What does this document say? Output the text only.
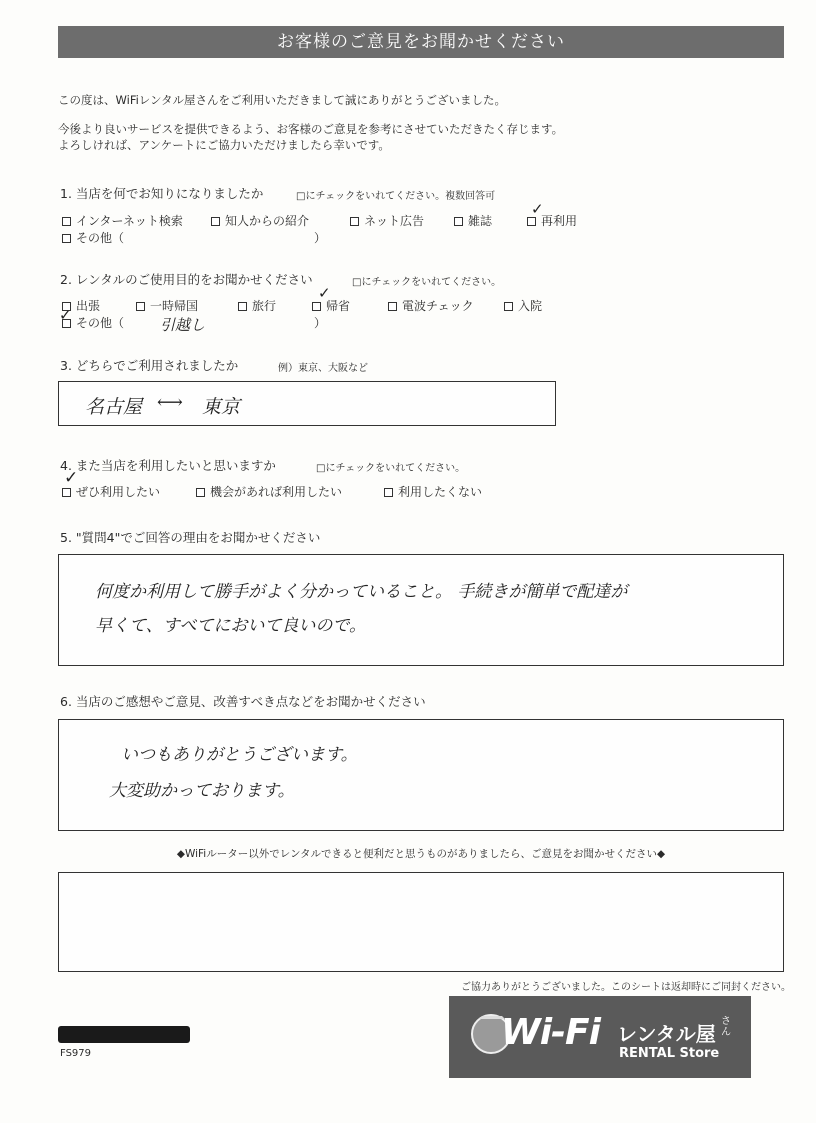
お客様のご意見をお聞かせください
この度は、WiFiレンタル屋さんをご利用いただきまして誠にありがとうございました。
今後より良いサービスを提供できるよう、お客様のご意見を参考にさせていただきたく存じます。
よろしければ、アンケートにご協力いただけましたら幸いです。
1. 当店を何でお知りになりましたか	□にチェックをいれてください。複数回答可
インターネット検索	知人からの紹介	ネット広告	雑誌	再利用
✓
その他（	）
2. レンタルのご使用目的をお聞かせください	□にチェックをいれてください。
出張	一時帰国	旅行	帰省
✓
電波チェック	入院
その他（
✓
引越し	）
3. どちらでご利用されましたか	例）東京、大阪など
名古屋 ⟷ 東京
4. また当店を利用したいと思いますか	□にチェックをいれてください。
ぜひ利用したい
✓
機会があれば利用したい	利用したくない
5. "質問4"でご回答の理由をお聞かせください
何度か利用して勝手がよく分かっていること。 手続きが簡単で配達が
早くて、すべてにおいて良いので。
6. 当店のご感想やご意見、改善すべき点などをお聞かせください
いつもありがとうございます。
大変助かっております。
◆WiFiルーター以外でレンタルできると便利だと思うものがありましたら、ご意見をお聞かせください◆
ご協力ありがとうございました。このシートは返却時にご同封ください。
FS979
Wi-Fi レンタル屋
さん
RENTAL Store
